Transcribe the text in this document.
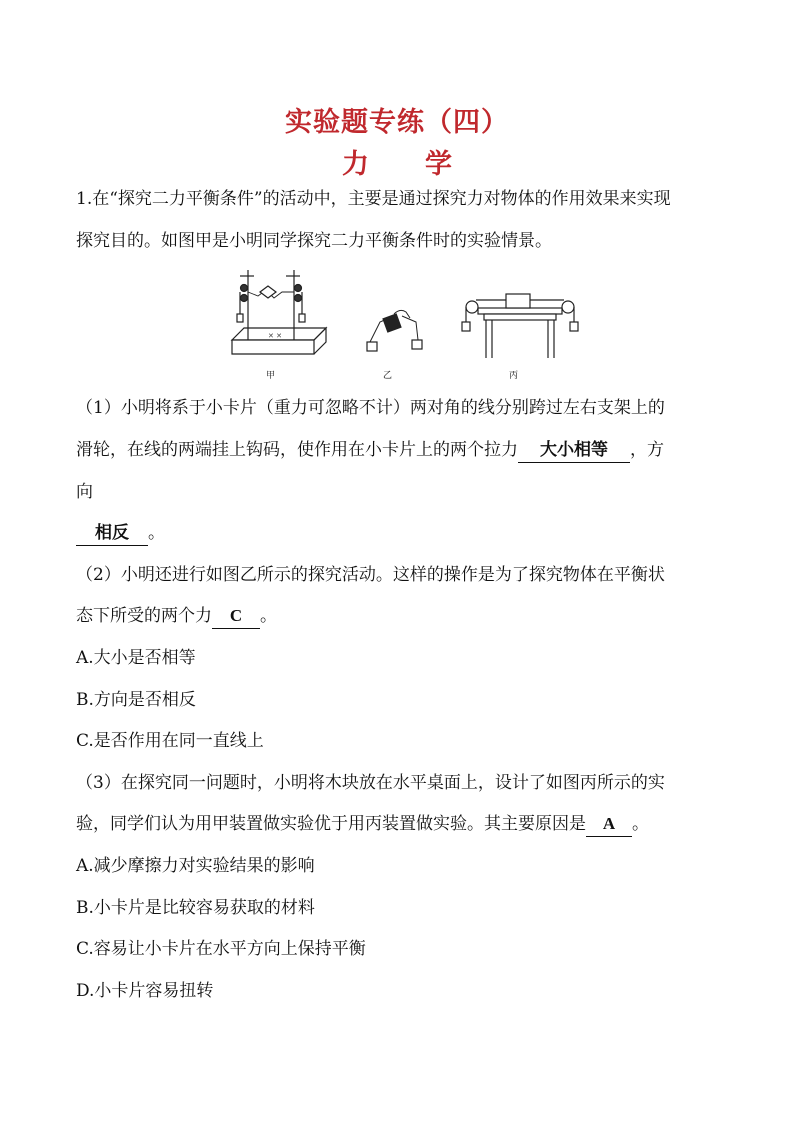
实验题专练（四）
力 学
1.在“探究二力平衡条件”的活动中，主要是通过探究力对物体的作用效果来实现
探究目的。如图甲是小明同学探究二力平衡条件时的实验情景。
✕ ✕
甲	乙	丙
（1）小明将系于小卡片（重力可忽略不计）两对角的线分别跨过左右支架上的
滑轮，在线的两端挂上钩码，使作用在小卡片上的两个拉力 大小相等 ，方
向
相反 。
（2）小明还进行如图乙所示的探究活动。这样的操作是为了探究物体在平衡状
态下所受的两个力 C 。
A.大小是否相等
B.方向是否相反
C.是否作用在同一直线上
（3）在探究同一问题时，小明将木块放在水平桌面上，设计了如图丙所示的实
验，同学们认为用甲装置做实验优于用丙装置做实验。其主要原因是 A 。
A.减少摩擦力对实验结果的影响
B.小卡片是比较容易获取的材料
C.容易让小卡片在水平方向上保持平衡
D.小卡片容易扭转
